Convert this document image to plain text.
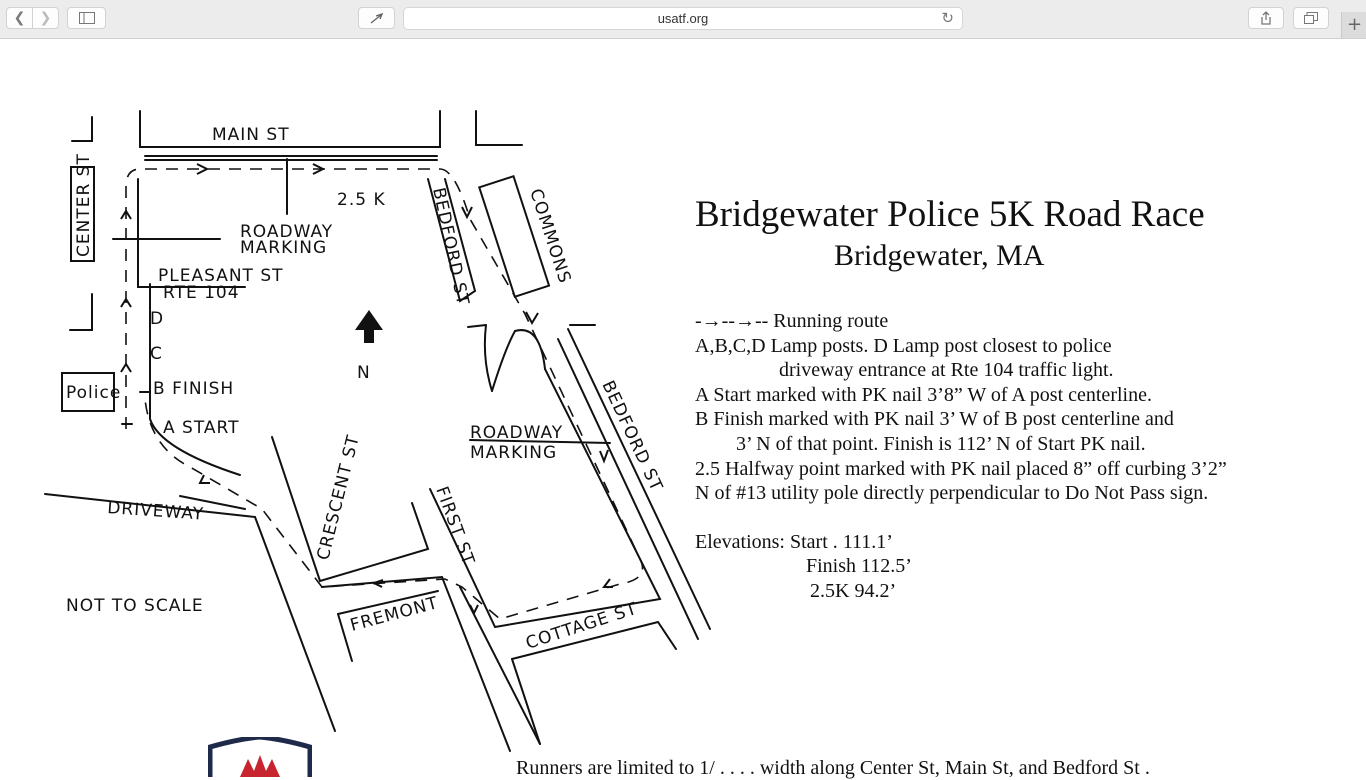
❮ ❯	usatf.org	↻	+
MAIN ST
2.5 K
ROADWAY
MARKING
PLEASANT ST
RTE 104
D
C
B FINISH
A START
Police
N
DRIVEWAY
NOT TO SCALE
ROADWAY
MARKING
CENTER ST	BEDFORD ST	COMMONS
BEDFORD ST
CRESCENT ST	FIRST ST
FREMONT	COTTAGE ST
Bridgewater Police 5K Road Race
Bridgewater, MA
-→--→-- Running route
A,B,C,D Lamp posts. D Lamp post closest to police
driveway entrance at Rte 104 traffic light.
A Start marked with PK nail 3’8” W of A post centerline.
B Finish marked with PK nail 3’ W of B post centerline and
3’ N of that point. Finish is 112’ N of Start PK nail.
2.5 Halfway point marked with PK nail placed 8” off curbing 3’2”
N of #13 utility pole directly perpendicular to Do Not Pass sign.
Elevations: Start . 111.1’
Finish 112.5’
2.5K 94.2’
Runners are limited to 1/ . . . . width along Center St, Main St, and Bedford St .
